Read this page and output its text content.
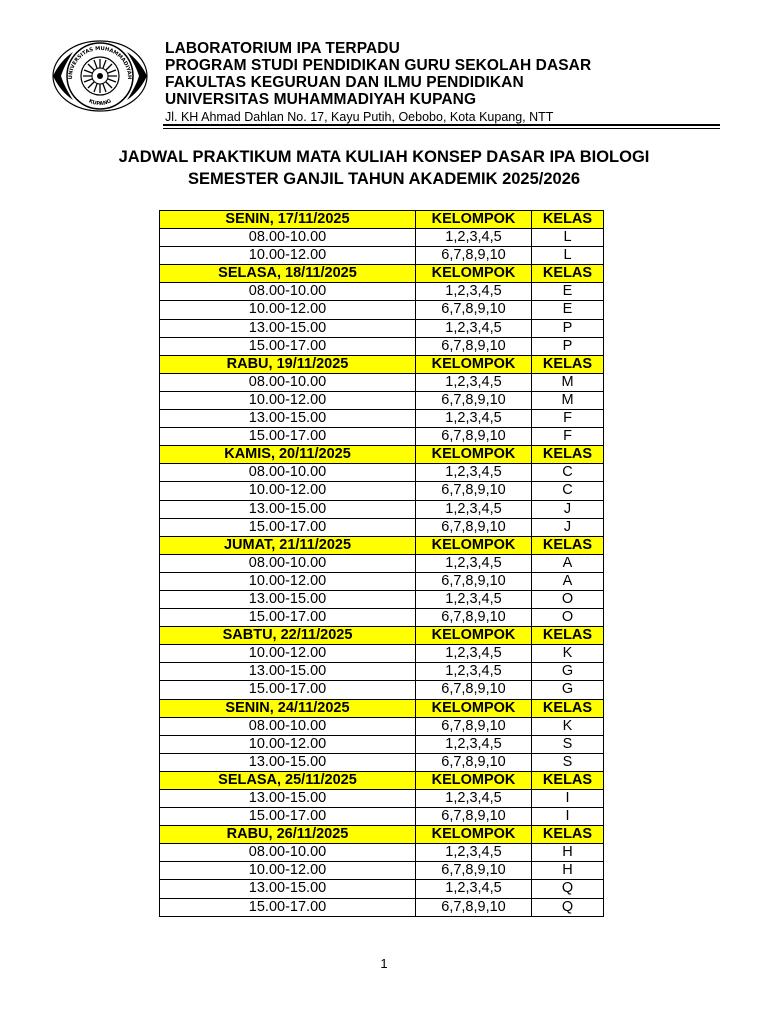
UNIVERSITAS MUHAMMADIYAH
KUPANG
LABORATORIUM IPA TERPADU
PROGRAM STUDI PENDIDIKAN GURU SEKOLAH DASAR
FAKULTAS KEGURUAN DAN ILMU PENDIDIKAN
UNIVERSITAS MUHAMMADIYAH KUPANG
Jl. KH Ahmad Dahlan No. 17, Kayu Putih, Oebobo, Kota Kupang, NTT
JADWAL PRAKTIKUM MATA KULIAH KONSEP DASAR IPA BIOLOGI
SEMESTER GANJIL TAHUN AKADEMIK 2025/2026
SENIN, 17/11/2025	KELOMPOK	KELAS
08.00-10.00	1,2,3,4,5	L
10.00-12.00	6,7,8,9,10	L
SELASA, 18/11/2025	KELOMPOK	KELAS
08.00-10.00	1,2,3,4,5	E
10.00-12.00	6,7,8,9,10	E
13.00-15.00	1,2,3,4,5	P
15.00-17.00	6,7,8,9,10	P
RABU, 19/11/2025	KELOMPOK	KELAS
08.00-10.00	1,2,3,4,5	M
10.00-12.00	6,7,8,9,10	M
13.00-15.00	1,2,3,4,5	F
15.00-17.00	6,7,8,9,10	F
KAMIS, 20/11/2025	KELOMPOK	KELAS
08.00-10.00	1,2,3,4,5	C
10.00-12.00	6,7,8,9,10	C
13.00-15.00	1,2,3,4,5	J
15.00-17.00	6,7,8,9,10	J
JUMAT, 21/11/2025	KELOMPOK	KELAS
08.00-10.00	1,2,3,4,5	A
10.00-12.00	6,7,8,9,10	A
13.00-15.00	1,2,3,4,5	O
15.00-17.00	6,7,8,9,10	O
SABTU, 22/11/2025	KELOMPOK	KELAS
10.00-12.00	1,2,3,4,5	K
13.00-15.00	1,2,3,4,5	G
15.00-17.00	6,7,8,9,10	G
SENIN, 24/11/2025	KELOMPOK	KELAS
08.00-10.00	6,7,8,9,10	K
10.00-12.00	1,2,3,4,5	S
13.00-15.00	6,7,8,9,10	S
SELASA, 25/11/2025	KELOMPOK	KELAS
13.00-15.00	1,2,3,4,5	I
15.00-17.00	6,7,8,9,10	I
RABU, 26/11/2025	KELOMPOK	KELAS
08.00-10.00	1,2,3,4,5	H
10.00-12.00	6,7,8,9,10	H
13.00-15.00	1,2,3,4,5	Q
15.00-17.00	6,7,8,9,10	Q
1
